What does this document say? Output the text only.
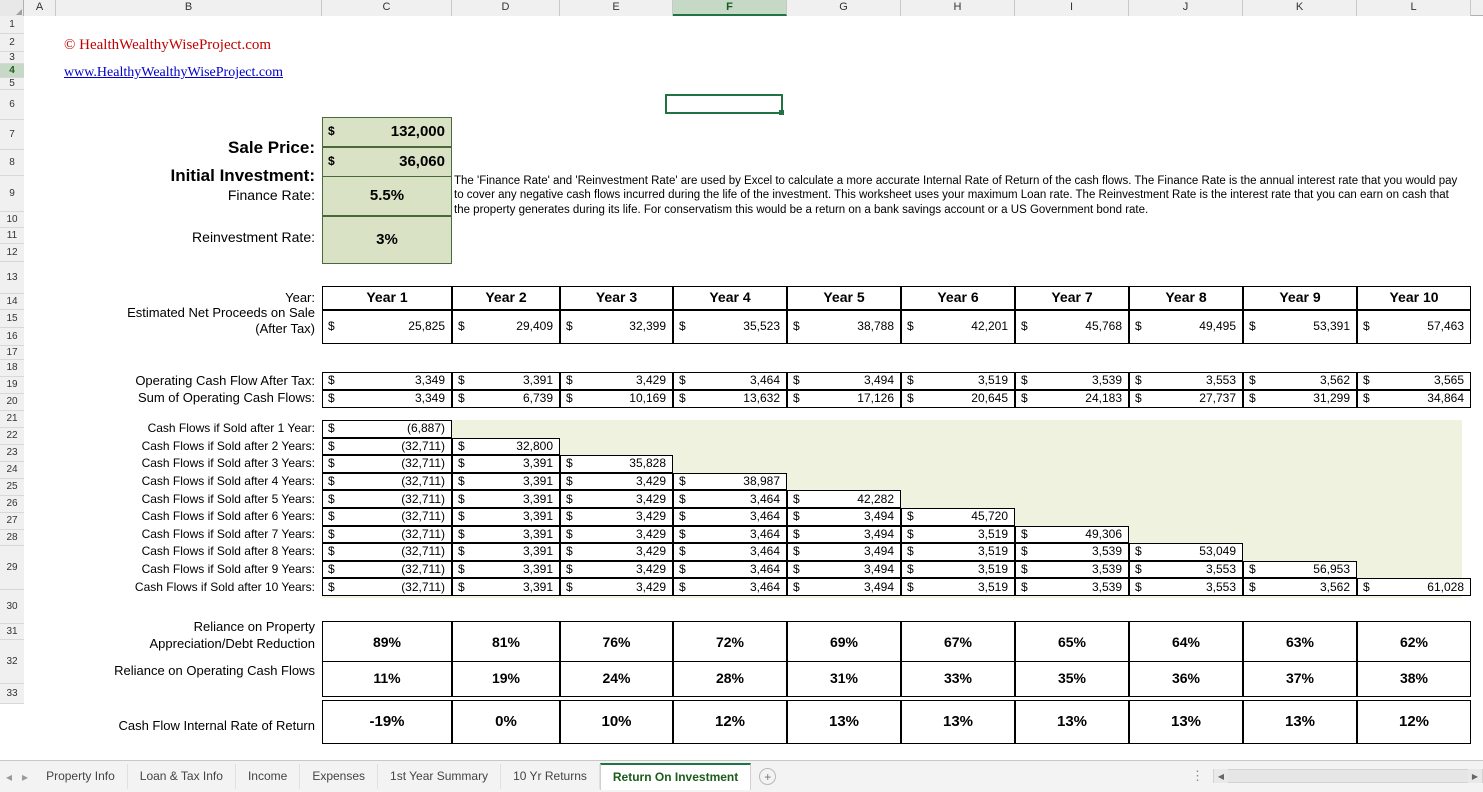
A	B	C	D	E	F	G	H	I	J	K	L
1
2
3
4
5
6
7
8
9
10
11
12
13
14
15
16
17
18
19
20
21
22
23
24
25
26
27
28
29
30
31
32
33
© HealthWealthyWiseProject.com
www.HealthyWealthyWiseProject.com
Sale Price:
$	132,000
Initial Investment:
$	36,060
Finance Rate:	5.5%
Reinvestment Rate:	3%
The 'Finance Rate' and 'Reinvestment Rate' are used by Excel to calculate a more accurate Internal Rate of Return of the cash flows. The Finance Rate is the annual interest rate that you would pay to cover any negative cash flows incurred during the life of the investment. This worksheet uses your maximum Loan rate. The Reinvestment Rate is the interest rate that you can earn on cash that the property generates during its life. For conservatism this would be a return on a bank savings account or a US Government bond rate.
Year:	Year 1	Year 2	Year 3	Year 4	Year 5	Year 6	Year 7	Year 8	Year 9	Year 10
Estimated Net Proceeds on Sale
(After Tax)	$	25,825	$	29,409	$	32,399	$	35,523	$	38,788	$	42,201	$	45,768	$	49,495	$	53,391	$	57,463
Operating Cash Flow After Tax:	$	3,349	$	3,391	$	3,429	$	3,464	$	3,494	$	3,519	$	3,539	$	3,553	$	3,562	$	3,565
Sum of Operating Cash Flows:	$	3,349	$	6,739	$	10,169	$	13,632	$	17,126	$	20,645	$	24,183	$	27,737	$	31,299	$	34,864
Cash Flows if Sold after 1 Year:	$	(6,887)
Cash Flows if Sold after 2 Years:	$	(32,711)	$	32,800
Cash Flows if Sold after 3 Years:	$	(32,711)	$	3,391	$	35,828
Cash Flows if Sold after 4 Years:	$	(32,711)	$	3,391	$	3,429	$	38,987
Cash Flows if Sold after 5 Years:	$	(32,711)	$	3,391	$	3,429	$	3,464	$	42,282
Cash Flows if Sold after 6 Years:	$	(32,711)	$	3,391	$	3,429	$	3,464	$	3,494	$	45,720
Cash Flows if Sold after 7 Years:	$	(32,711)	$	3,391	$	3,429	$	3,464	$	3,494	$	3,519	$	49,306
Cash Flows if Sold after 8 Years:	$	(32,711)	$	3,391	$	3,429	$	3,464	$	3,494	$	3,519	$	3,539	$	53,049
Cash Flows if Sold after 9 Years:	$	(32,711)	$	3,391	$	3,429	$	3,464	$	3,494	$	3,519	$	3,539	$	3,553	$	56,953
Cash Flows if Sold after 10 Years:	$	(32,711)	$	3,391	$	3,429	$	3,464	$	3,494	$	3,519	$	3,539	$	3,553	$	3,562	$	61,028
Reliance on Property
Appreciation/Debt Reduction	89%	81%	76%	72%	69%	67%	65%	64%	63%	62%
Reliance on Operating Cash Flows	11%	19%	24%	28%	31%	33%	35%	36%	37%	38%
Cash Flow Internal Rate of Return	-19%	0%	10%	12%	13%	13%	13%	13%	13%	12%
◂ ▸	Property Info	Loan & Tax Info	Income	Expenses	1st Year Summary	10 Yr Returns	Return On Investment	+	⋮	◀	▶
